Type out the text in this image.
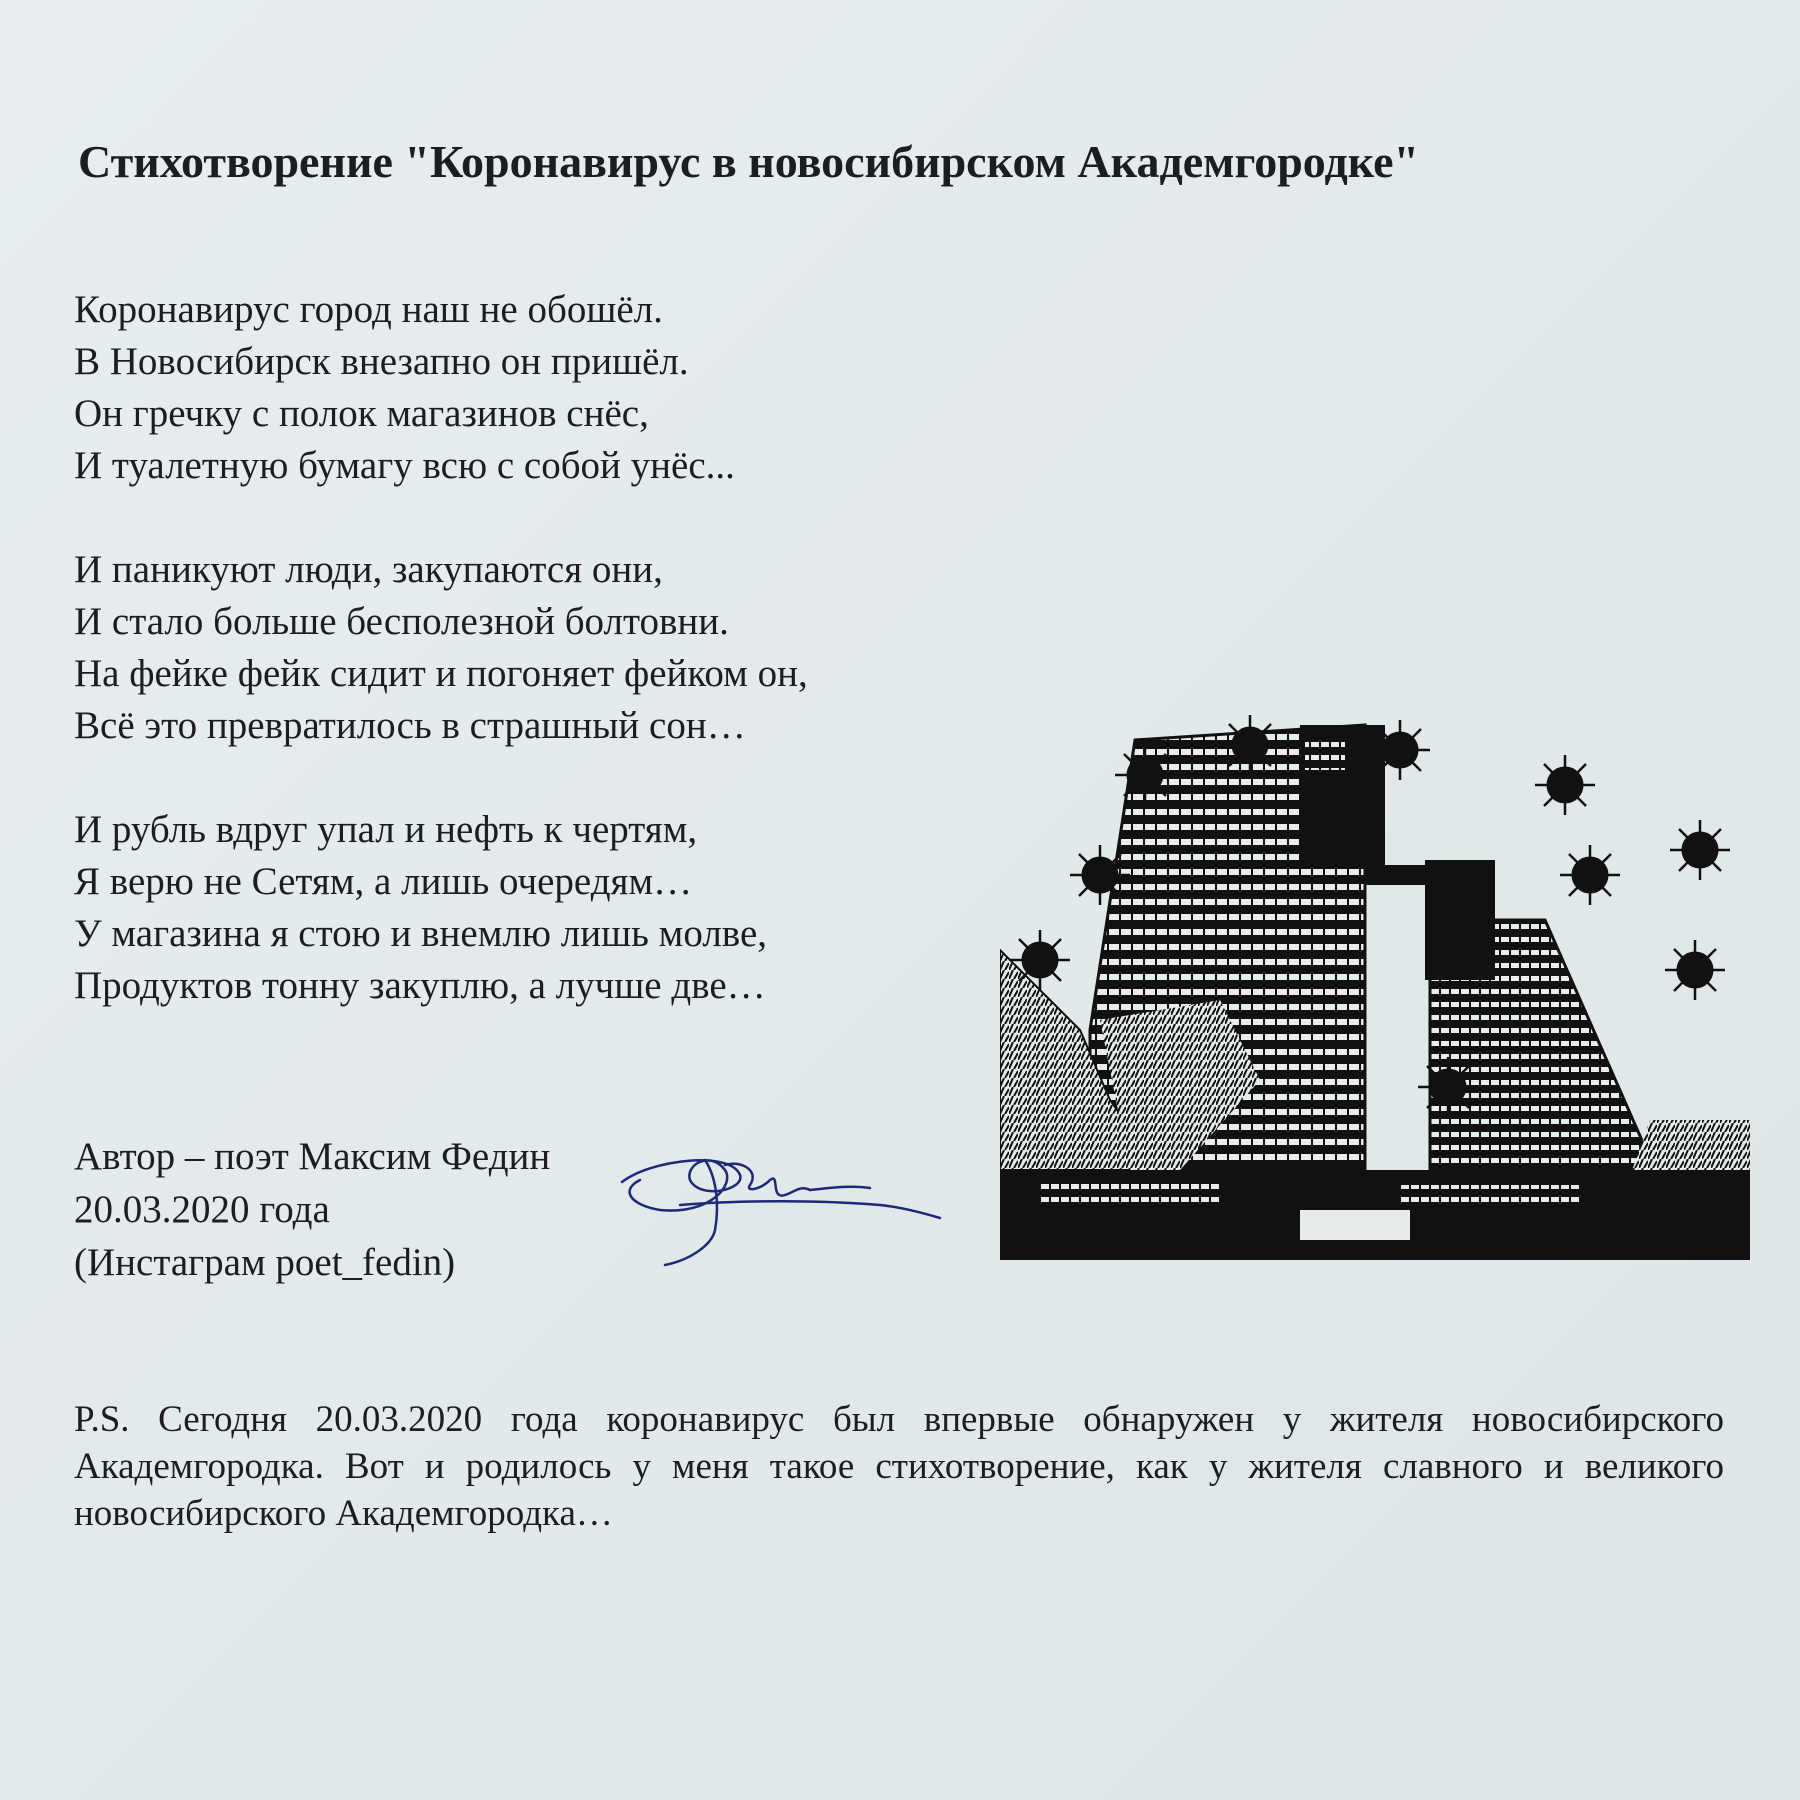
Стихотворение "Коронавирус в новосибирском Академгородке"
Коронавирус город наш не обошёл.
В Новосибирск внезапно он пришёл.
Он гречку с полок магазинов снёс,
И туалетную бумагу всю с собой унёс...
И паникуют люди, закупаются они,
И стало больше бесполезной болтовни.
На фейке фейк сидит и погоняет фейком он,
Всё это превратилось в страшный сон…
И рубль вдруг упал и нефть к чертям,
Я верю не Сетям, а лишь очередям…
У магазина я стою и внемлю лишь молве,
Продуктов тонну закуплю, а лучше две…
Автор – поэт Максим Федин
20.03.2020 года
(Инстаграм poet_fedin)
P.S. Сегодня 20.03.2020 года коронавирус был впервые обнаружен у жителя новосибирского Академгородка. Вот и родилось у меня такое стихотворение, как у жителя славного и великого новосибирского Академгородка…
